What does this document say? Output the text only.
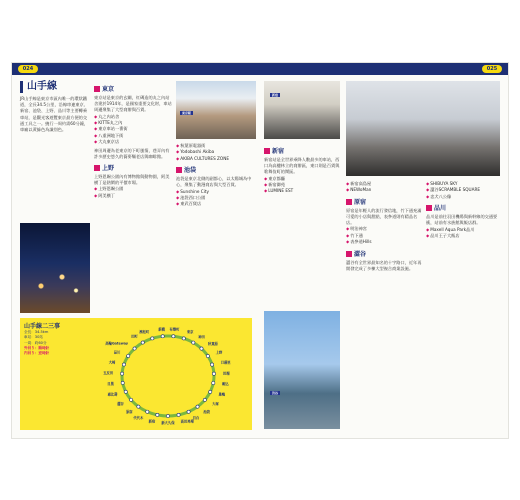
024	025
山手線
JR山手線是東京市區內唯一的環狀鐵道，全長34.5公里，沿線串連東京、新宿、池袋、上野、品川等主要轉乘車站，是觀光客遊覽東京最方便的交通工具之一。繞行一周約需60分鐘，車廂以黃綠色為識別色。
東京
東京站是東京的玄關，紅磚造的丸之內站舍建於1914年，是國家重要文化財，車站周邊聚集了大型商辦與百貨。
◆丸之內站舍
◆KITTE丸之內
◆東京車站一番街
◆八重洲地下街
◆大丸東京店
神田周邊為老東京的下町風情，巷弄內有許多歷史悠久的蕎麥麵老店與咖啡館。
上野
上野恩賜公園內有博物館與動物園，阿美橫丁是熱鬧的平價市場。
◆上野恩賜公園
◆阿美橫丁
東京駅
◆秋葉原電器街
◆Yodobashi Akiba
◆AKIBA CULTURES ZONE
池袋
池袋是東京北側的副都心，以太陽城為中心，聚集了動漫商店與大型百貨。
◆Sunshine City
◆池袋西口公園
◆東武百貨店
山手線二三事
全長：34.5km
車站：30站
一周：約60分
外回り：順時針
内回り：逆時針
東京
神田
秋葉原
上野
日暮里
田端
駒込
巢鴨
大塚
池袋
目白
高田馬場
新大久保
新宿
代代木
原宿
澀谷
惠比壽
目黑
五反田
大崎
品川
高輪Gateway
田町
濱松町
新橋 有樂町
新宿
新宿
新宿站是全世界乘降人數最多的車站，西口為高樓林立的商辦區，東口則是百貨與歌舞伎町的鬧區。
◆東京都廳
◆新宿御苑
◆LUMINE EST
渋谷
◆新宿高島屋
◆NEWoMan
原宿
原宿是年輕人的流行發信地，竹下通充滿可愛的小店與甜點，表參道則有精品名店。
◆明治神宮
◆竹下通
◆表參道Hills
澀谷
澀谷有全世界最知名的十字路口，近年再開發完成了多棟大型複合商業設施。
◆SHIBUYA SKY
◆澀谷SCRAMBLE SQUARE
◆忠犬八公像
品川
品川是前往羽田機場與新幹線的交通要衝，站前有水族館與飯店群。
◆Maxell Aqua Park品川
◆品川王子大飯店
